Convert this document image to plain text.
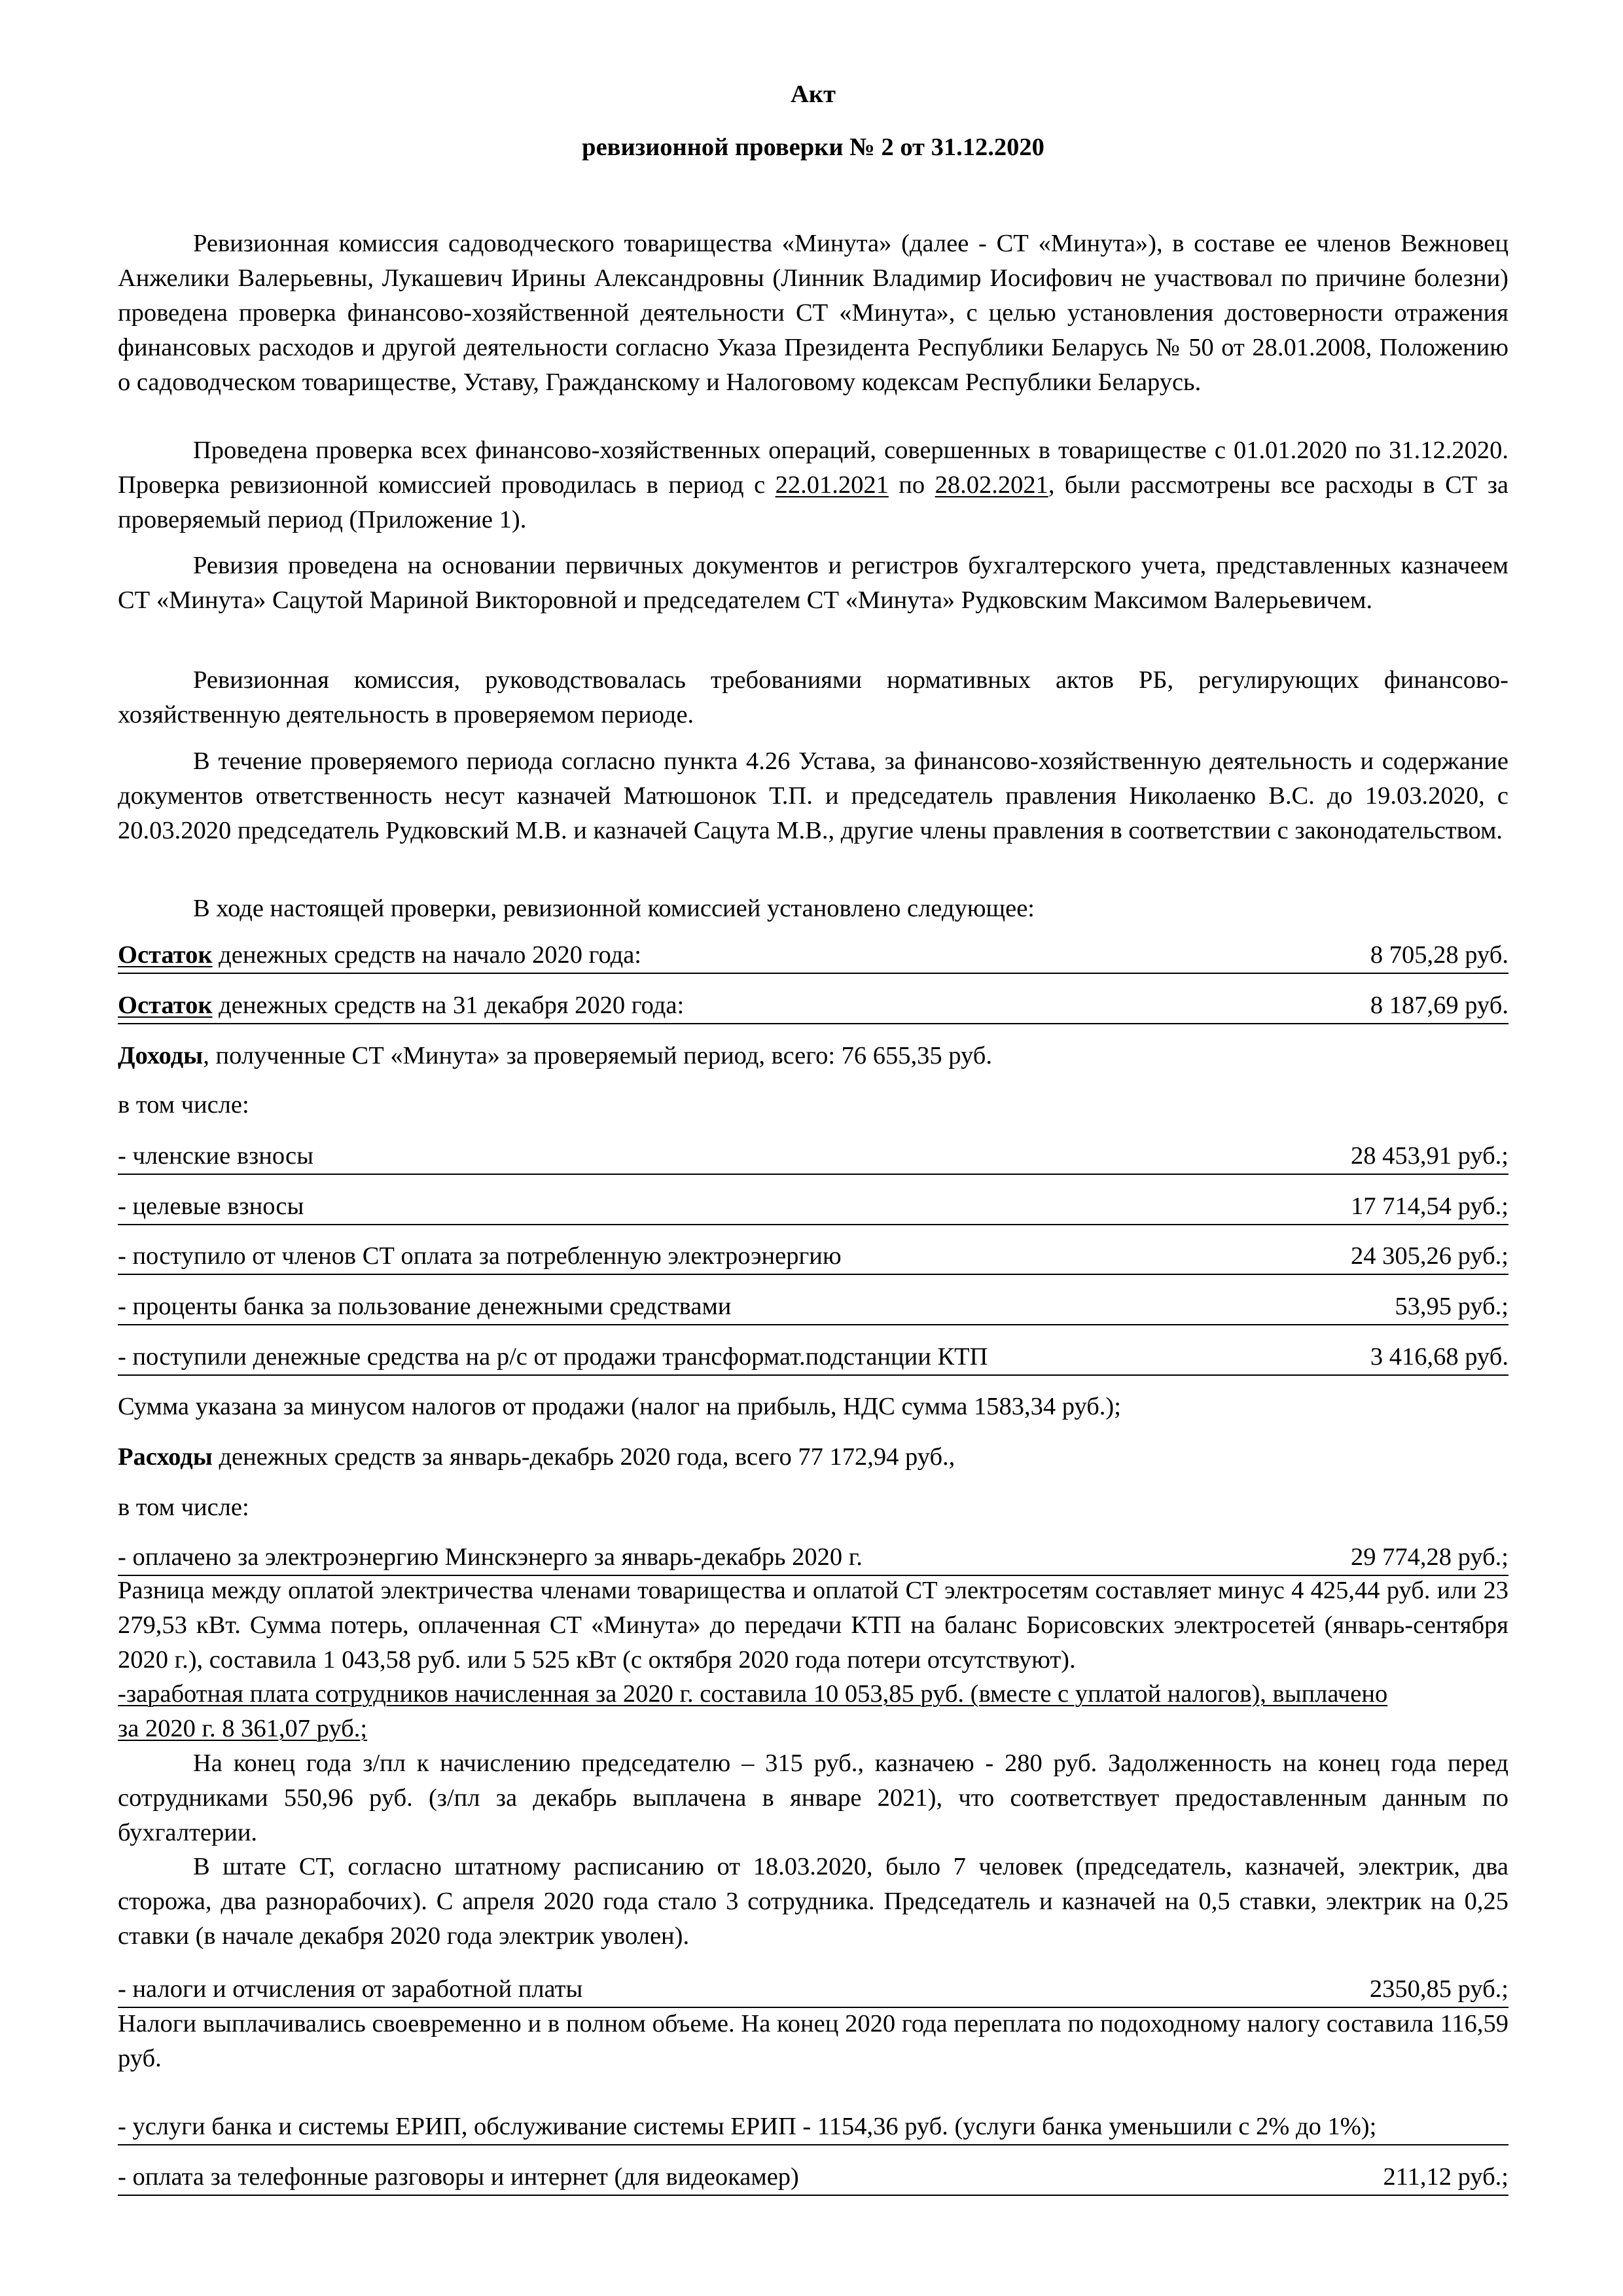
Акт
ревизионной проверки № 2 от 31.12.2020
Ревизионная комиссия садоводческого товарищества «Минута» (далее - СТ «Минута»), в составе ее членов Вежновец Анжелики Валерьевны, Лукашевич Ирины Александровны (Линник Владимир Иосифович не участвовал по причине болезни) проведена проверка финансово-хозяйственной деятельности СТ «Минута», с целью установления достоверности отражения финансовых расходов и другой деятельности согласно Указа Президента Республики Беларусь № 50 от 28.01.2008, Положению о садоводческом товариществе, Уставу, Гражданскому и Налоговому кодексам Республики Беларусь.
Проведена проверка всех финансово-хозяйственных операций, совершенных в товариществе с 01.01.2020 по 31.12.2020. Проверка ревизионной комиссией проводилась в период с 22.01.2021 по 28.02.2021, были рассмотрены все расходы в СТ за проверяемый период (Приложение 1).
Ревизия проведена на основании первичных документов и регистров бухгалтерского учета, представленных казначеем СТ «Минута» Сацутой Мариной Викторовной и председателем СТ «Минута» Рудковским Максимом Валерьевичем.
Ревизионная комиссия, руководствовалась требованиями нормативных актов РБ, регулирующих финансово-хозяйственную деятельность в проверяемом периоде.
В течение проверяемого периода согласно пункта 4.26 Устава, за финансово-хозяйственную деятельность и содержание документов ответственность несут казначей Матюшонок Т.П. и председатель правления Николаенко В.С. до 19.03.2020, с 20.03.2020 председатель Рудковский М.В. и казначей Сацута М.В., другие члены правления в соответствии с законодательством.
В ходе настоящей проверки, ревизионной комиссией установлено следующее:
Остаток денежных средств на начало 2020 года:	8 705,28 руб.
Остаток денежных средств на 31 декабря 2020 года:	8 187,69 руб.
Доходы, полученные СТ «Минута» за проверяемый период, всего: 76 655,35 руб.
в том числе:
- членские взносы	28 453,91 руб.;
- целевые взносы	17 714,54 руб.;
- поступило от членов СТ оплата за потребленную электроэнергию	24 305,26 руб.;
- проценты банка за пользование денежными средствами	53,95 руб.;
- поступили денежные средства на р/с от продажи трансформат.подстанции КТП	3 416,68 руб.
Сумма указана за минусом налогов от продажи (налог на прибыль, НДС сумма 1583,34 руб.);
Расходы денежных средств за январь-декабрь 2020 года, всего 77 172,94 руб.,
в том числе:
- оплачено за электроэнергию Минскэнерго за январь-декабрь 2020 г.	29 774,28 руб.;
Разница между оплатой электричества членами товарищества и оплатой СТ электросетям составляет минус 4 425,44 руб. или 23 279,53 кВт. Сумма потерь, оплаченная СТ «Минута» до передачи КТП на баланс Борисовских электросетей (январь-сентября 2020 г.), составила 1 043,58 руб. или 5 525 кВт (с октября 2020 года потери отсутствуют).
-заработная плата сотрудников начисленная за 2020 г. составила 10 053,85 руб. (вместе с уплатой налогов), выплачено
за 2020 г. 8 361,07 руб.;
На конец года з/пл к начислению председателю – 315 руб., казначею - 280 руб. Задолженность на конец года перед сотрудниками 550,96 руб. (з/пл за декабрь выплачена в январе 2021), что соответствует предоставленным данным по бухгалтерии.
В штате СТ, согласно штатному расписанию от 18.03.2020, было 7 человек (председатель, казначей, электрик, два сторожа, два разнорабочих). С апреля 2020 года стало 3 сотрудника. Председатель и казначей на 0,5 ставки, электрик на 0,25 ставки (в начале декабря 2020 года электрик уволен).
- налоги и отчисления от заработной платы	2350,85 руб.;
Налоги выплачивались своевременно и в полном объеме. На конец 2020 года переплата по подоходному налогу составила 116,59 руб.
- услуги банка и системы ЕРИП, обслуживание системы ЕРИП - 1154,36 руб. (услуги банка уменьшили с 2% до 1%);
- оплата за телефонные разговоры и интернет (для видеокамер)	211,12 руб.;
